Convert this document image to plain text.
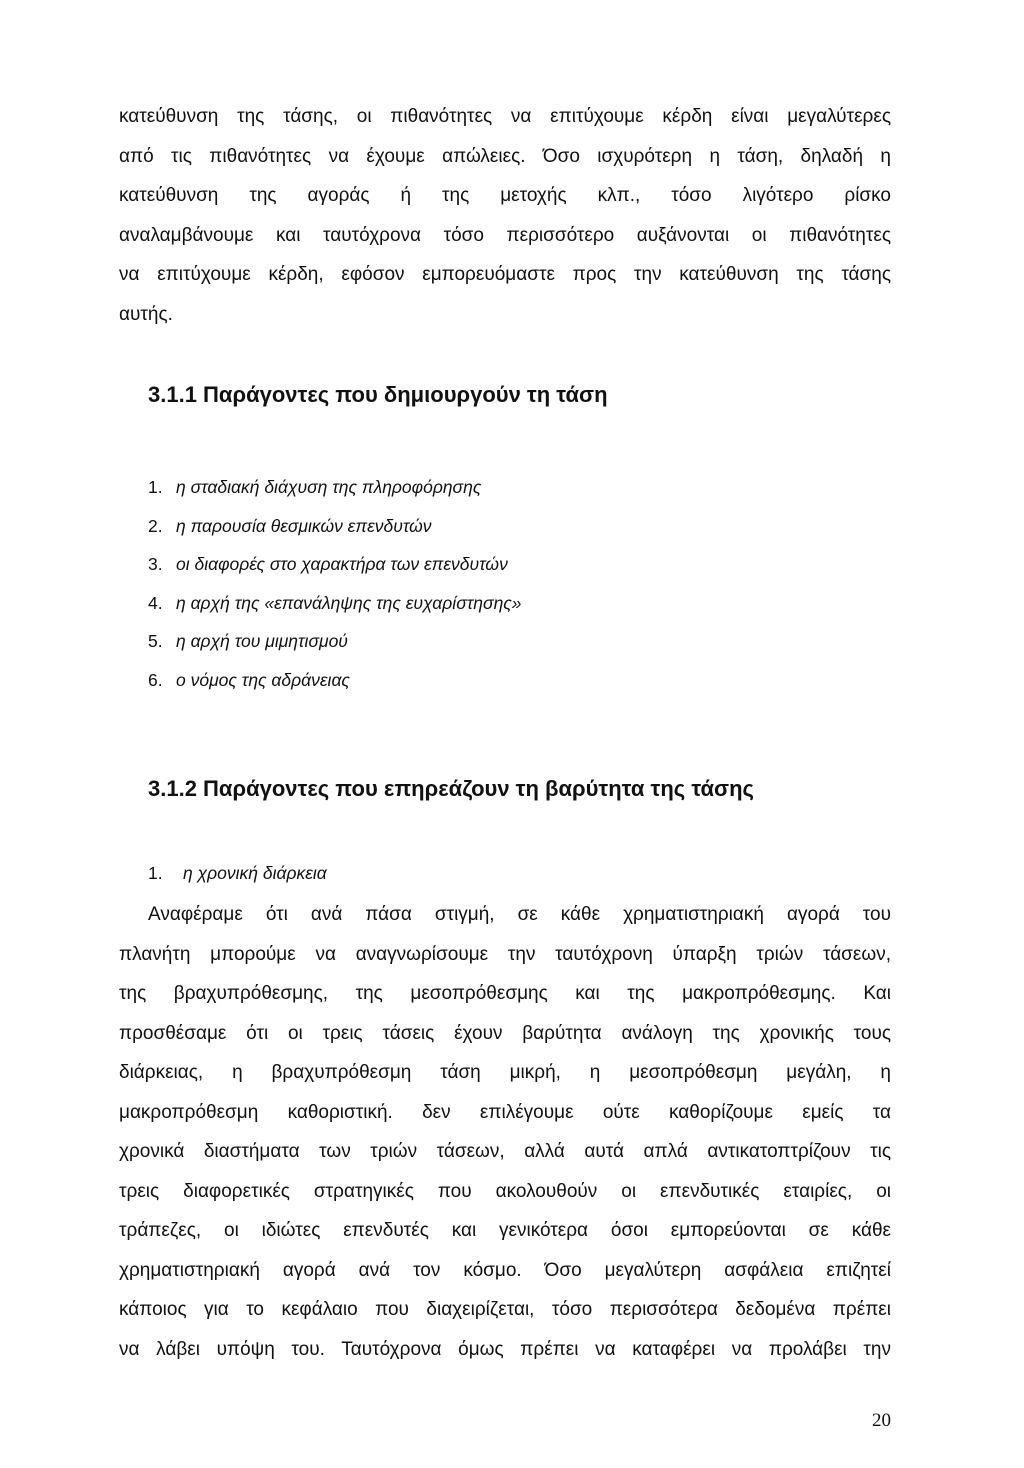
κατεύθυνση της τάσης, οι πιθανότητες να επιτύχουμε κέρδη είναι μεγαλύτερες
από τις πιθανότητες να έχουμε απώλειες. Όσο ισχυρότερη η τάση, δηλαδή η
κατεύθυνση της αγοράς ή της μετοχής κλπ., τόσο λιγότερο ρίσκο
αναλαμβάνουμε και ταυτόχρονα τόσο περισσότερο αυξάνονται οι πιθανότητες
να επιτύχουμε κέρδη, εφόσον εμπορευόμαστε προς την κατεύθυνση της τάσης
αυτής.
3.1.1 Παράγοντες που δημιουργούν τη τάση
1. η σταδιακή διάχυση της πληροφόρησης
2. η παρουσία θεσμικών επενδυτών
3. οι διαφορές στο χαρακτήρα των επενδυτών
4. η αρχή της «επανάληψης της ευχαρίστησης»
5. η αρχή του μιμητισμού
6. ο νόμος της αδράνειας
3.1.2 Παράγοντες που επηρεάζουν τη βαρύτητα της τάσης
1. η χρονική διάρκεια
Αναφέραμε ότι ανά πάσα στιγμή, σε κάθε χρηματιστηριακή αγορά του
πλανήτη μπορούμε να αναγνωρίσουμε την ταυτόχρονη ύπαρξη τριών τάσεων,
της βραχυπρόθεσμης, της μεσοπρόθεσμης και της μακροπρόθεσμης. Και
προσθέσαμε ότι οι τρεις τάσεις έχουν βαρύτητα ανάλογη της χρονικής τους
διάρκειας, η βραχυπρόθεσμη τάση μικρή, η μεσοπρόθεσμη μεγάλη, η
μακροπρόθεσμη καθοριστική. δεν επιλέγουμε ούτε καθορίζουμε εμείς τα
χρονικά διαστήματα των τριών τάσεων, αλλά αυτά απλά αντικατοπτρίζουν τις
τρεις διαφορετικές στρατηγικές που ακολουθούν οι επενδυτικές εταιρίες, οι
τράπεζες, οι ιδιώτες επενδυτές και γενικότερα όσοι εμπορεύονται σε κάθε
χρηματιστηριακή αγορά ανά τον κόσμο. Όσο μεγαλύτερη ασφάλεια επιζητεί
κάποιος για το κεφάλαιο που διαχειρίζεται, τόσο περισσότερα δεδομένα πρέπει
να λάβει υπόψη του. Ταυτόχρονα όμως πρέπει να καταφέρει να προλάβει την
20
